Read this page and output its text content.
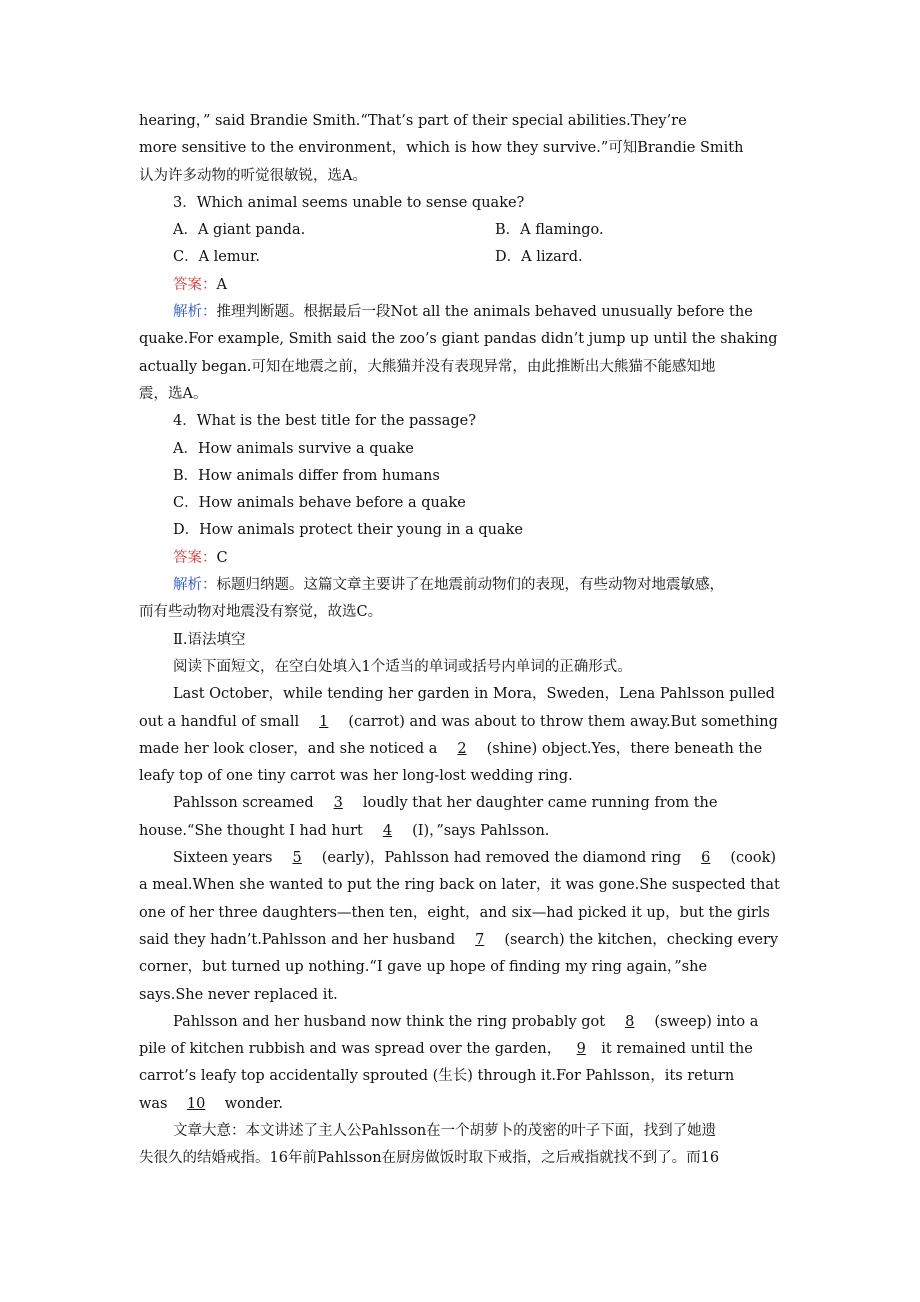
hearing，” said Brandie Smith.“That’s part of their special abilities.They’re
more sensitive to the environment，which is how they survive.”可知Brandie Smith
认为许多动物的听觉很敏锐，选A。
3．Which animal seems unable to sense quake?
A．A giant panda.	B．A flamingo.
C．A lemur.	D．A lizard.
答案：A
解析：推理判断题。根据最后一段Not all the animals behaved unusually before the
quake.For example, Smith said the zoo’s giant pandas didn’t jump up until the shaking
actually began.可知在地震之前，大熊猫并没有表现异常，由此推断出大熊猫不能感知地
震，选A。
4．What is the best title for the passage?
A．How animals survive a quake
B．How animals differ from humans
C．How animals behave before a quake
D．How animals protect their young in a quake
答案：C
解析：标题归纳题。这篇文章主要讲了在地震前动物们的表现，有些动物对地震敏感，
而有些动物对地震没有察觉，故选C。
Ⅱ.语法填空
阅读下面短文，在空白处填入1个适当的单词或括号内单词的正确形式。
Last October，while tending her garden in Mora，Sweden，Lena Pahlsson pulled
out a handful of small 1 (carrot) and was about to throw them away.But something
made her look closer，and she noticed a 2 (shine) object.Yes，there beneath the
leafy top of one tiny carrot was her long-lost wedding ring.
Pahlsson screamed 3 loudly that her daughter came running from the
house.“She thought I had hurt 4 (I)，”says Pahlsson.
Sixteen years 5 (early)，Pahlsson had removed the diamond ring 6 (cook)
a meal.When she wanted to put the ring back on later，it was gone.She suspected that
one of her three daughters—then ten，eight，and six—had picked it up，but the girls
said they hadn’t.Pahlsson and her husband 7 (search) the kitchen，checking every
corner，but turned up nothing.“I gave up hope of finding my ring again，”she
says.She never replaced it.
Pahlsson and her husband now think the ring probably got 8 (sweep) into a
pile of kitchen rubbish and was spread over the garden， 9 it remained until the
carrot’s leafy top accidentally sprouted (生长) through it.For Pahlsson，its return
was 10 wonder.
文章大意：本文讲述了主人公Pahlsson在一个胡萝卜的茂密的叶子下面，找到了她遗
失很久的结婚戒指。16年前Pahlsson在厨房做饭时取下戒指，之后戒指就找不到了。而16
